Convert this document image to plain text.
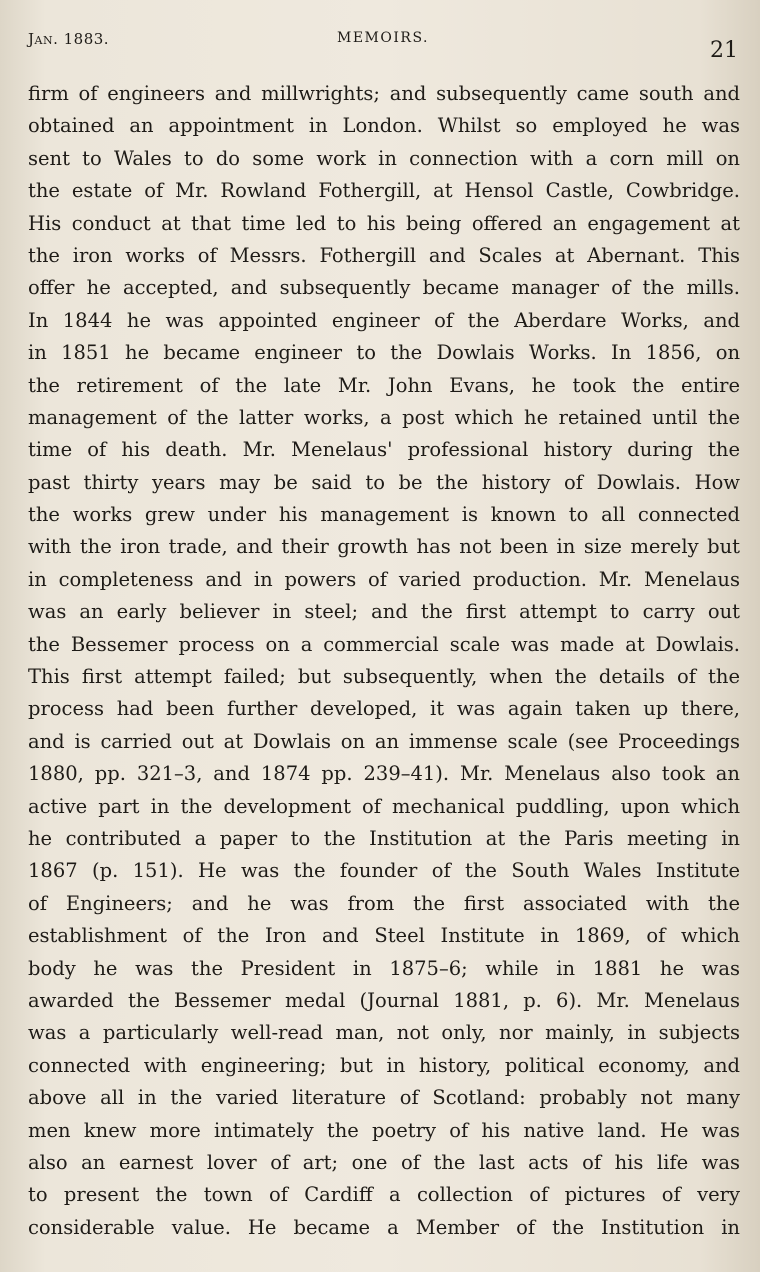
Jan. 1883.	MEMOIRS.	21
firm of engineers and millwrights; and subsequently came south and
obtained an appointment in London. Whilst so employed he was
sent to Wales to do some work in connection with a corn mill on
the estate of Mr. Rowland Fothergill, at Hensol Castle, Cowbridge.
His conduct at that time led to his being offered an engagement at
the iron works of Messrs. Fothergill and Scales at Abernant. This
offer he accepted, and subsequently became manager of the mills.
In 1844 he was appointed engineer of the Aberdare Works, and
in 1851 he became engineer to the Dowlais Works. In 1856, on
the retirement of the late Mr. John Evans, he took the entire
management of the latter works, a post which he retained until the
time of his death. Mr. Menelaus' professional history during the
past thirty years may be said to be the history of Dowlais. How
the works grew under his management is known to all connected
with the iron trade, and their growth has not been in size merely but
in completeness and in powers of varied production. Mr. Menelaus
was an early believer in steel; and the first attempt to carry out
the Bessemer process on a commercial scale was made at Dowlais.
This first attempt failed; but subsequently, when the details of the
process had been further developed, it was again taken up there,
and is carried out at Dowlais on an immense scale (see Proceedings
1880, pp. 321–3, and 1874 pp. 239–41). Mr. Menelaus also took an
active part in the development of mechanical puddling, upon which
he contributed a paper to the Institution at the Paris meeting in
1867 (p. 151). He was the founder of the South Wales Institute
of Engineers; and he was from the first associated with the
establishment of the Iron and Steel Institute in 1869, of which
body he was the President in 1875–6; while in 1881 he was
awarded the Bessemer medal (Journal 1881, p. 6). Mr. Menelaus
was a particularly well-read man, not only, nor mainly, in subjects
connected with engineering; but in history, political economy, and
above all in the varied literature of Scotland: probably not many
men knew more intimately the poetry of his native land. He was
also an earnest lover of art; one of the last acts of his life was
to present the town of Cardiff a collection of pictures of very
considerable value. He became a Member of the Institution in
